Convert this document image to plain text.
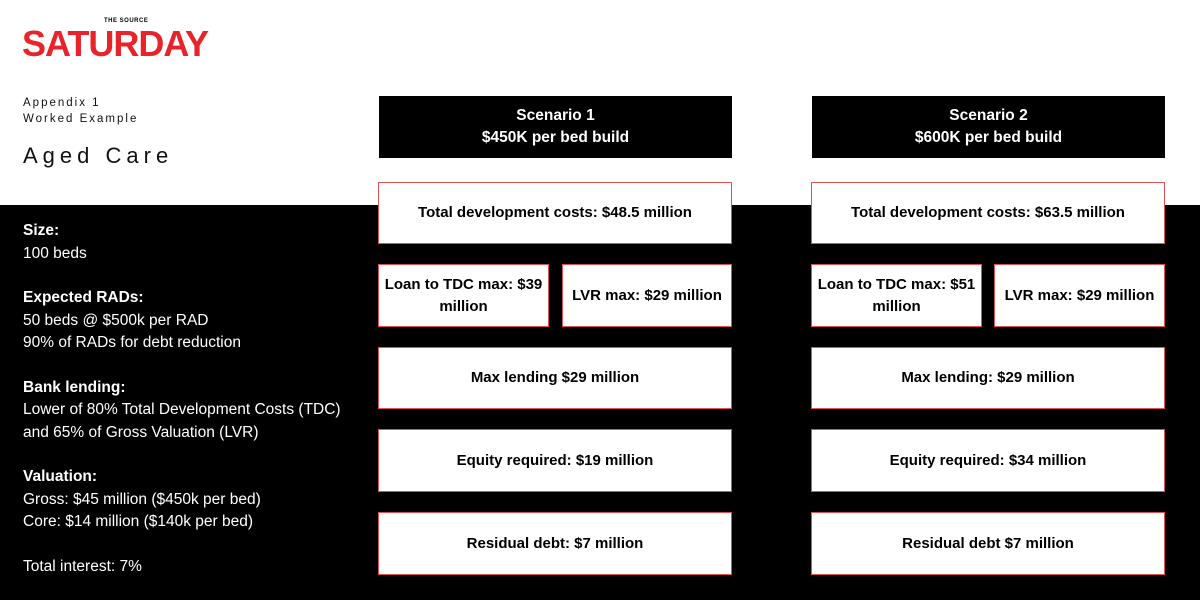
THE SOURCE
SATURDAY
Appendix 1
Worked Example
Aged Care
Size:
100 beds
Expected RADs:
50 beds @ $500k per RAD
90% of RADs for debt reduction
Bank lending:
Lower of 80% Total Development Costs (TDC)
and 65% of Gross Valuation (LVR)
Valuation:
Gross: $45 million ($450k per bed)
Core: $14 million ($140k per bed)
Total interest: 7%
Scenario 1
$450K per bed build
Total development costs: $48.5 million
Loan to TDC max: $39 million
LVR max: $29 million
Max lending $29 million
Equity required: $19 million
Residual debt: $7 million
Scenario 2
$600K per bed build
Total development costs: $63.5 million
Loan to TDC max: $51 million
LVR max: $29 million
Max lending: $29 million
Equity required: $34 million
Residual debt $7 million
